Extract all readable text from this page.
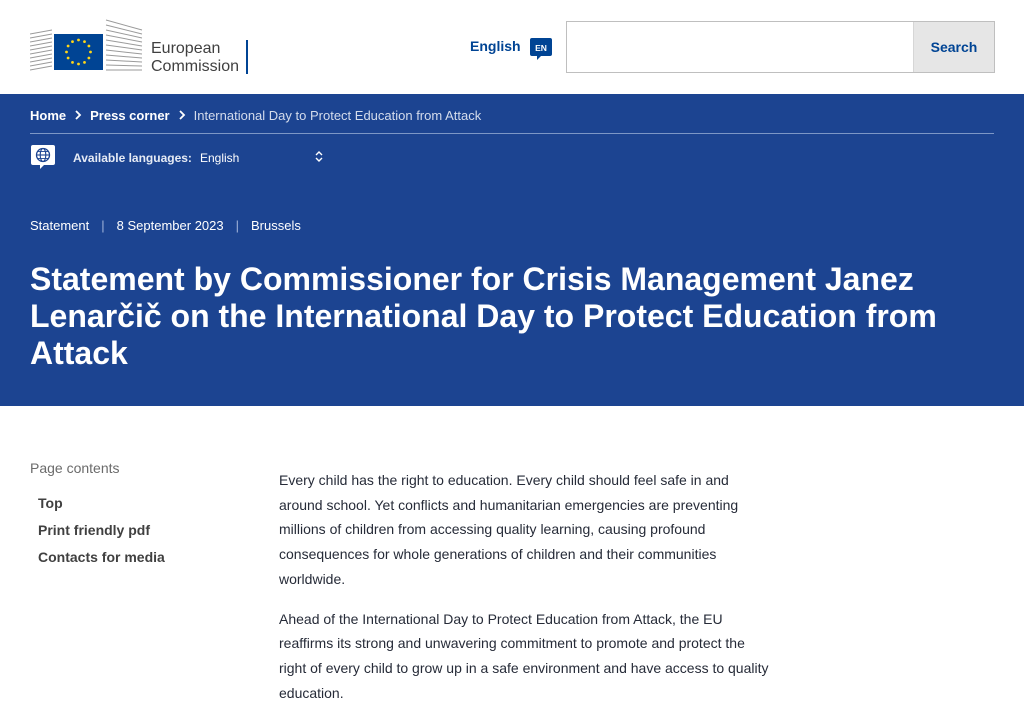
European
Commission
English EN	Search
Home Press corner International Day to Protect Education from Attack
Available languages: English
Statement | 8 September 2023 | Brussels
Statement by Commissioner for Crisis Management Janez Lenarčič on the International Day to Protect Education from Attack
Page contents
Top
Print friendly pdf
Contacts for media

Every child has the right to education. Every child should feel safe in and around school. Yet conflicts and humanitarian emergencies are preventing millions of children from accessing quality learning, causing profound consequences for whole generations of children and their communities worldwide.

Ahead of the International Day to Protect Education from Attack, the EU reaffirms its strong and unwavering commitment to promote and protect the right of every child to grow up in a safe environment and have access to quality education.
